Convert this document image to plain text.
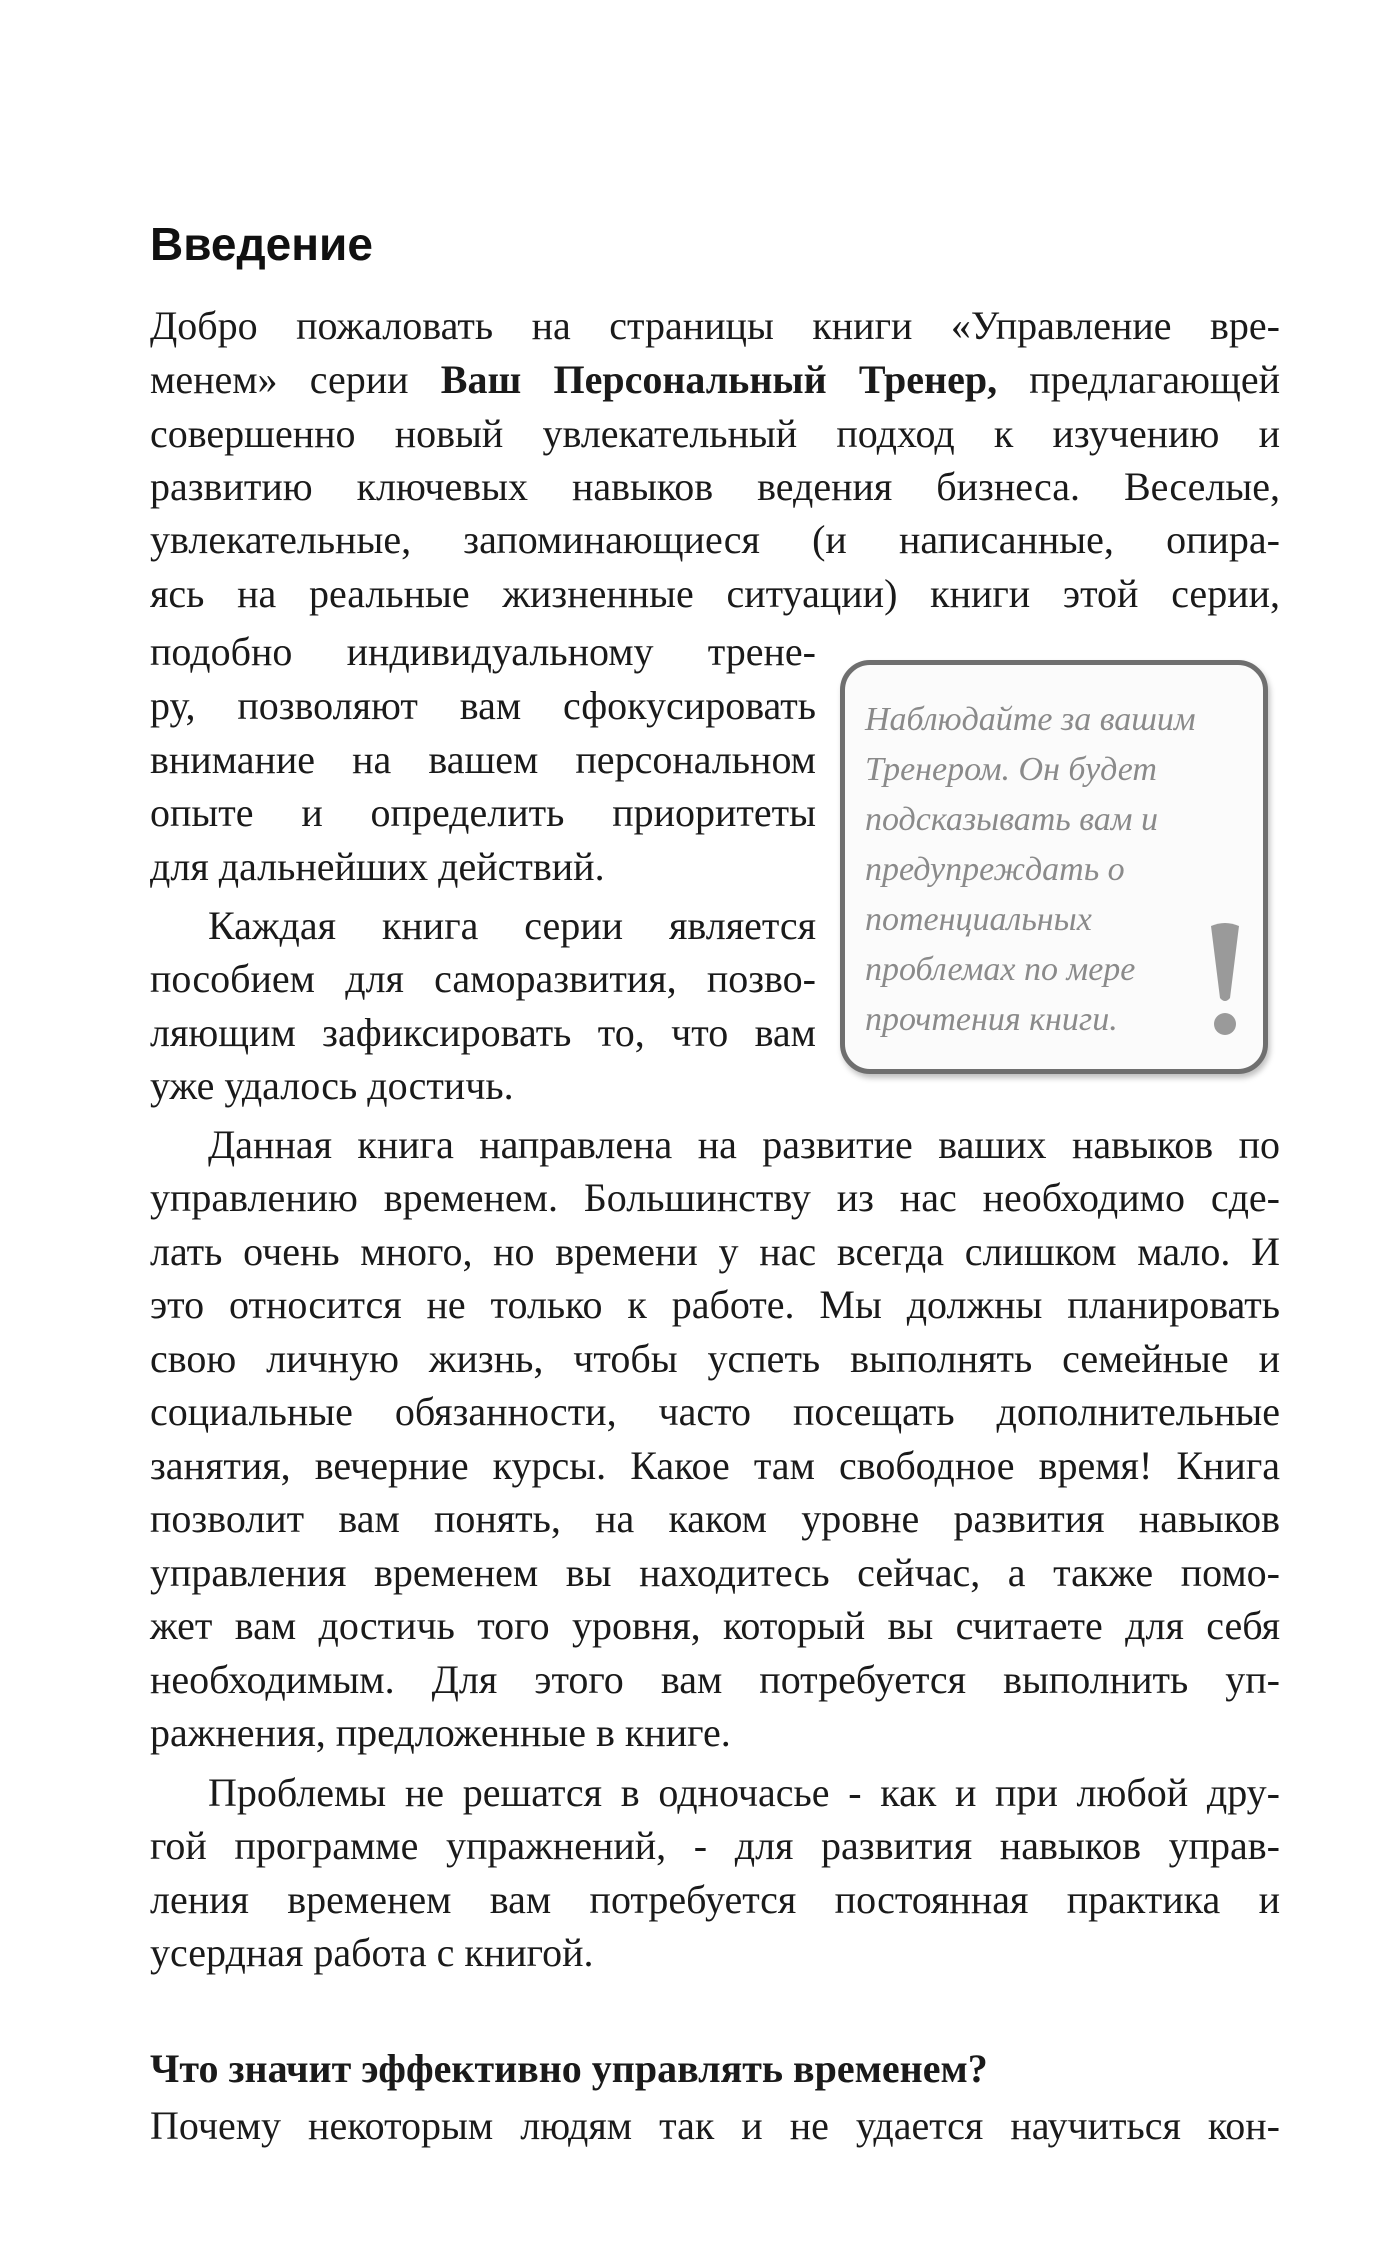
Введение

Добро пожаловать на страницы книги «Управление вре-

менем» серии Ваш Персональный Тренер, предлагающей

совершенно новый увлекательный подход к изучению и

развитию ключевых навыков ведения бизнеса. Веселые,

увлекательные, запоминающиеся (и написанные, опира-

ясь на реальные жизненные ситуации) книги этой серии,

подобно индивидуальному трене-

ру, позволяют вам сфокусировать

внимание на вашем персональном

опыте и определить приоритеты

для дальнейших действий.

Каждая книга серии является

пособием для саморазвития, позво-

ляющим зафиксировать то, что вам

уже удалось достичь.

Наблюдайте за вашим
Тренером. Он будет
подсказывать вам и
предупреждать о
потенциальных
проблемах по мере
прочтения книги.

Данная книга направлена на развитие ваших навыков по

управлению временем. Большинству из нас необходимо сде-

лать очень много, но времени у нас всегда слишком мало. И

это относится не только к работе. Мы должны планировать

свою личную жизнь, чтобы успеть выполнять семейные и

социальные обязанности, часто посещать дополнительные

занятия, вечерние курсы. Какое там свободное время! Книга

позволит вам понять, на каком уровне развития навыков

управления временем вы находитесь сейчас, а также помо-

жет вам достичь того уровня, который вы считаете для себя

необходимым. Для этого вам потребуется выполнить уп-

ражнения, предложенные в книге.

Проблемы не решатся в одночасье - как и при любой дру-

гой программе упражнений, - для развития навыков управ-

ления временем вам потребуется постоянная практика и

усердная работа с книгой.

Что значит эффективно управлять временем?

Почему некоторым людям так и не удается научиться кон-
